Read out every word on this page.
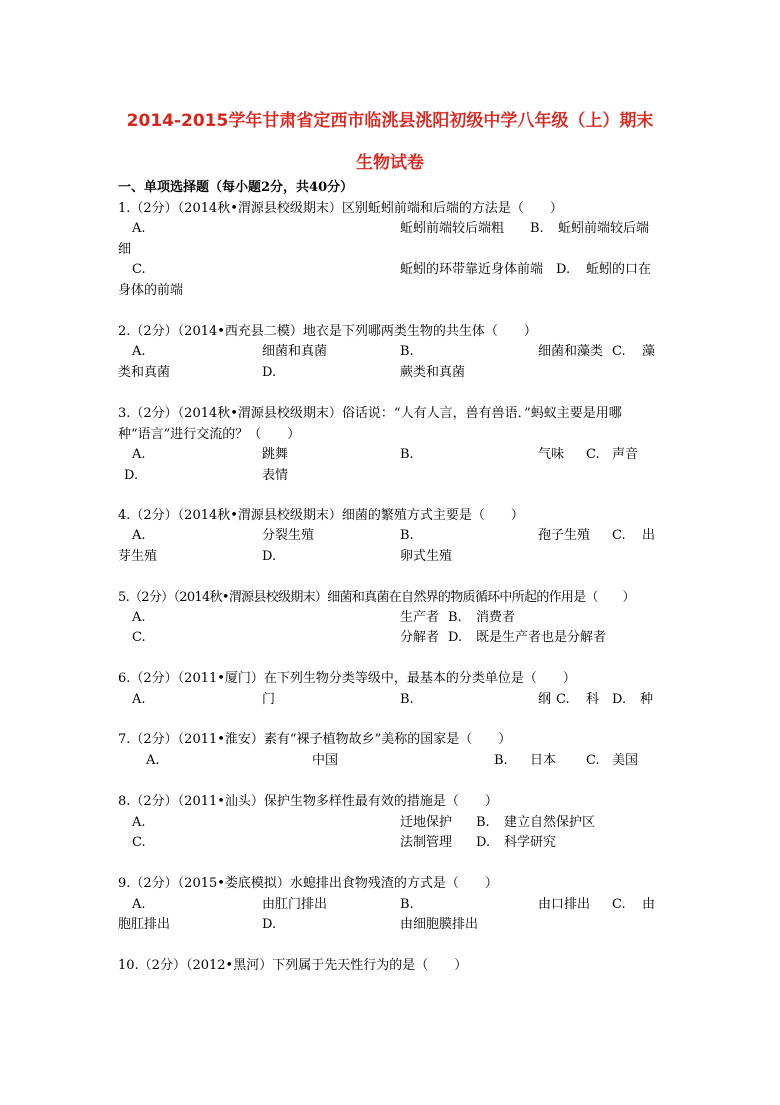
2014-2015学年甘肃省定西市临洮县洮阳初级中学八年级（上）期末
生物试卷
一、单项选择题（每小题2分，共40分）
1.（2分）（2014秋•渭源县校级期末）区别蚯蚓前端和后端的方法是（　　）
A.	蚯蚓前端较后端粗 B. 蚯蚓前端较后端
细
C.	蚯蚓的环带靠近身体前端 D. 蚯蚓的口在
身体的前端
2.（2分）（2014•西充县二模）地衣是下列哪两类生物的共生体（　　）
A.	细菌和真菌	B.	细菌和藻类 C. 藻
类和真菌	D.	蕨类和真菌
3.（2分）（2014秋•渭源县校级期末）俗话说：“人有人言，兽有兽语．”蚂蚁主要是用哪
种“语言”进行交流的？（　　）
A.	跳舞	B.	气味 C. 声音
D.	表情
4.（2分）（2014秋•渭源县校级期末）细菌的繁殖方式主要是（　　）
A.	分裂生殖	B.	孢子生殖 C. 出
芽生殖	D.	卵式生殖
5.（2分）（2014秋•渭源县校级期末）细菌和真菌在自然界的物质循环中所起的作用是（　　）
A.	生产者 B. 消费者
C.	分解者 D. 既是生产者也是分解者
6.（2分）（2011•厦门）在下列生物分类等级中，最基本的分类单位是（　　）
A.	门	B.	纲 C. 科 D. 种
7.（2分）（2011•淮安）素有“裸子植物故乡”美称的国家是（　　）
A.	中国	B. 日本 C. 美国
8.（2分）（2011•汕头）保护生物多样性最有效的措施是（　　）
A.	迁地保护 B. 建立自然保护区
C.	法制管理 D. 科学研究
9.（2分）（2015•娄底模拟）水螅排出食物残渣的方式是（　　）
A.	由肛门排出	B.	由口排出 C. 由
胞肛排出	D.	由细胞膜排出
10.（2分）（2012•黑河）下列属于先天性行为的是（　　）
